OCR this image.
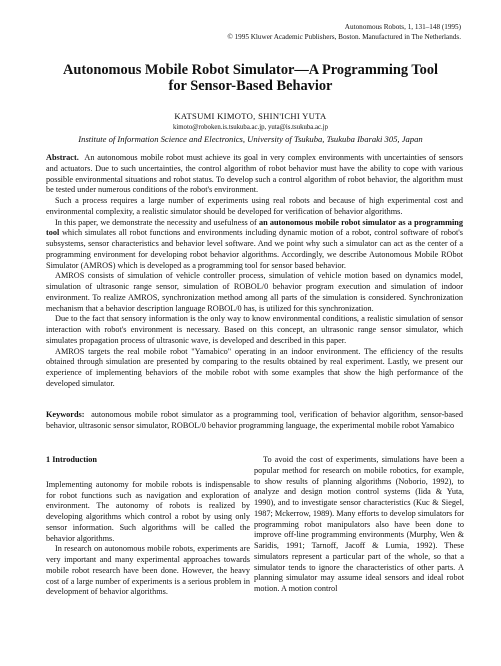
Autonomous Robots, 1, 131–148 (1995)
© 1995 Kluwer Academic Publishers, Boston. Manufactured in The Netherlands.
Autonomous Mobile Robot Simulator—A Programming Tool
for Sensor-Based Behavior
KATSUMI KIMOTO, SHIN'ICHI YUTA
kimoto@roboken.is.tsukuba.ac.jp, yuta@is.tsukuba.ac.jp
Institute of Information Science and Electronics, University of Tsukuba, Tsukuba Ibaraki 305, Japan

Abstract. An autonomous mobile robot must achieve its goal in very complex environments with uncertainties of sensors and actuators. Due to such uncertainties, the control algorithm of robot behavior must have the ability to cope with various possible environmental situations and robot status. To develop such a control algorithm of robot behavior, the algorithm must be tested under numerous conditions of the robot's environment.

Such a process requires a large number of experiments using real robots and because of high experimental cost and environmental complexity, a realistic simulator should be developed for verification of behavior algorithms.

In this paper, we demonstrate the necessity and usefulness of an autonomous mobile robot simulator as a programming tool which simulates all robot functions and environments including dynamic motion of a robot, control software of robot's subsystems, sensor characteristics and behavior level software. And we point why such a simulator can act as the center of a programming environment for developing robot behavior algorithms. Accordingly, we describe Autonomous Mobile RObot Simulator (AMROS) which is developed as a programming tool for sensor based behavior.

AMROS consists of simulation of vehicle controller process, simulation of vehicle motion based on dynamics model, simulation of ultrasonic range sensor, simulation of ROBOL/0 behavior program execution and simulation of indoor environment. To realize AMROS, synchronization method among all parts of the simulation is considered. Synchronization mechanism that a behavior description language ROBOL/0 has, is utilized for this synchronization.

Due to the fact that sensory information is the only way to know environmental conditions, a realistic simulation of sensor interaction with robot's environment is necessary. Based on this concept, an ultrasonic range sensor simulator, which simulates propagation process of ultrasonic wave, is developed and described in this paper.

AMROS targets the real mobile robot "Yamabico" operating in an indoor environment. The efficiency of the results obtained through simulation are presented by comparing to the results obtained by real experiment. Lastly, we present our experience of implementing behaviors of the mobile robot with some examples that show the high performance of the developed simulator.

Keywords: autonomous mobile robot simulator as a programming tool, verification of behavior algorithm, sensor-based behavior, ultrasonic sensor simulator, ROBOL/0 behavior programming language, the experimental mobile robot Yamabico
1 Introduction

Implementing autonomy for mobile robots is indispensable for robot functions such as navigation and exploration of environment. The autonomy of robots is realized by developing algorithms which control a robot by using only sensor information. Such algorithms will be called the behavior algorithms.

In research on autonomous mobile robots, experiments are very important and many experimental approaches towards mobile robot research have been done. However, the heavy cost of a large number of experiments is a serious problem in development of behavior algorithms.

To avoid the cost of experiments, simulations have been a popular method for research on mobile robotics, for example, to show results of planning algorithms (Noborio, 1992), to analyze and design motion control systems (Iida & Yuta, 1990), and to investigate sensor characteristics (Kuc & Siegel, 1987; Mckerrow, 1989). Many efforts to develop simulators for programming robot manipulators also have been done to improve off-line programming environments (Murphy, Wen & Saridis, 1991; Tarnoff, Jacoff & Lumia, 1992). These simulators represent a particular part of the whole, so that a simulator tends to ignore the characteristics of other parts. A planning simulator may assume ideal sensors and ideal robot motion. A motion control
